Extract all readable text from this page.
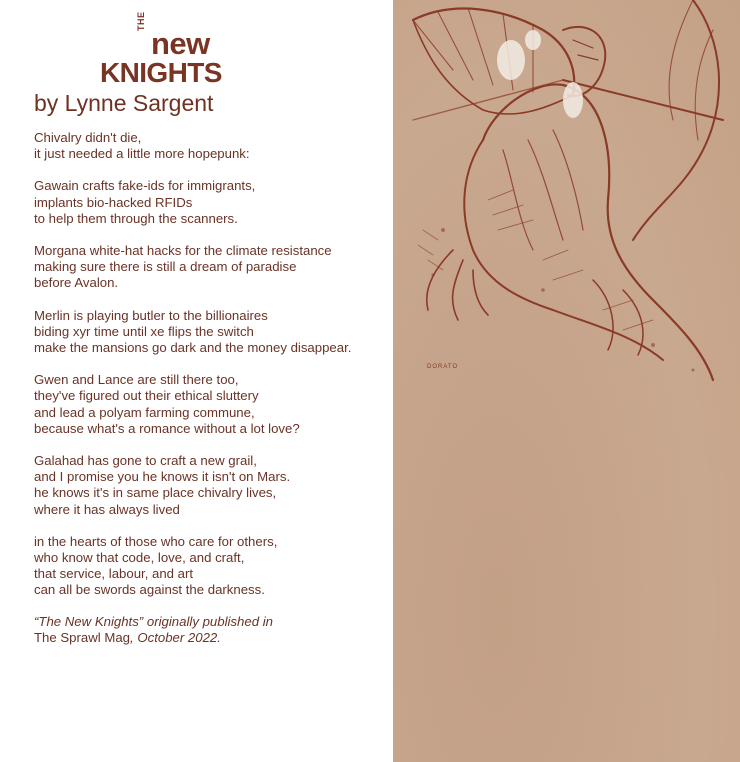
THE
new
KNIGHTS
by Lynne Sargent
Chivalry didn't die,
it just needed a little more hopepunk:
Gawain crafts fake-ids for immigrants,
implants bio-hacked RFIDs
to help them through the scanners.
Morgana white-hat hacks for the climate resistance
making sure there is still a dream of paradise
before Avalon.
Merlin is playing butler to the billionaires
biding xyr time until xe flips the switch
make the mansions go dark and the money disappear.
Gwen and Lance are still there too,
they've figured out their ethical sluttery
and lead a polyam farming commune,
because what's a romance without a lot love?
Galahad has gone to craft a new grail,
and I promise you he knows it isn't on Mars.
he knows it's in same place chivalry lives,
where it has always lived
in the hearts of those who care for others,
who know that code, love, and craft,
that service, labour, and art
can all be swords against the darkness.
“The New Knights” originally published in
The Sprawl Mag, October 2022.
DORATO
